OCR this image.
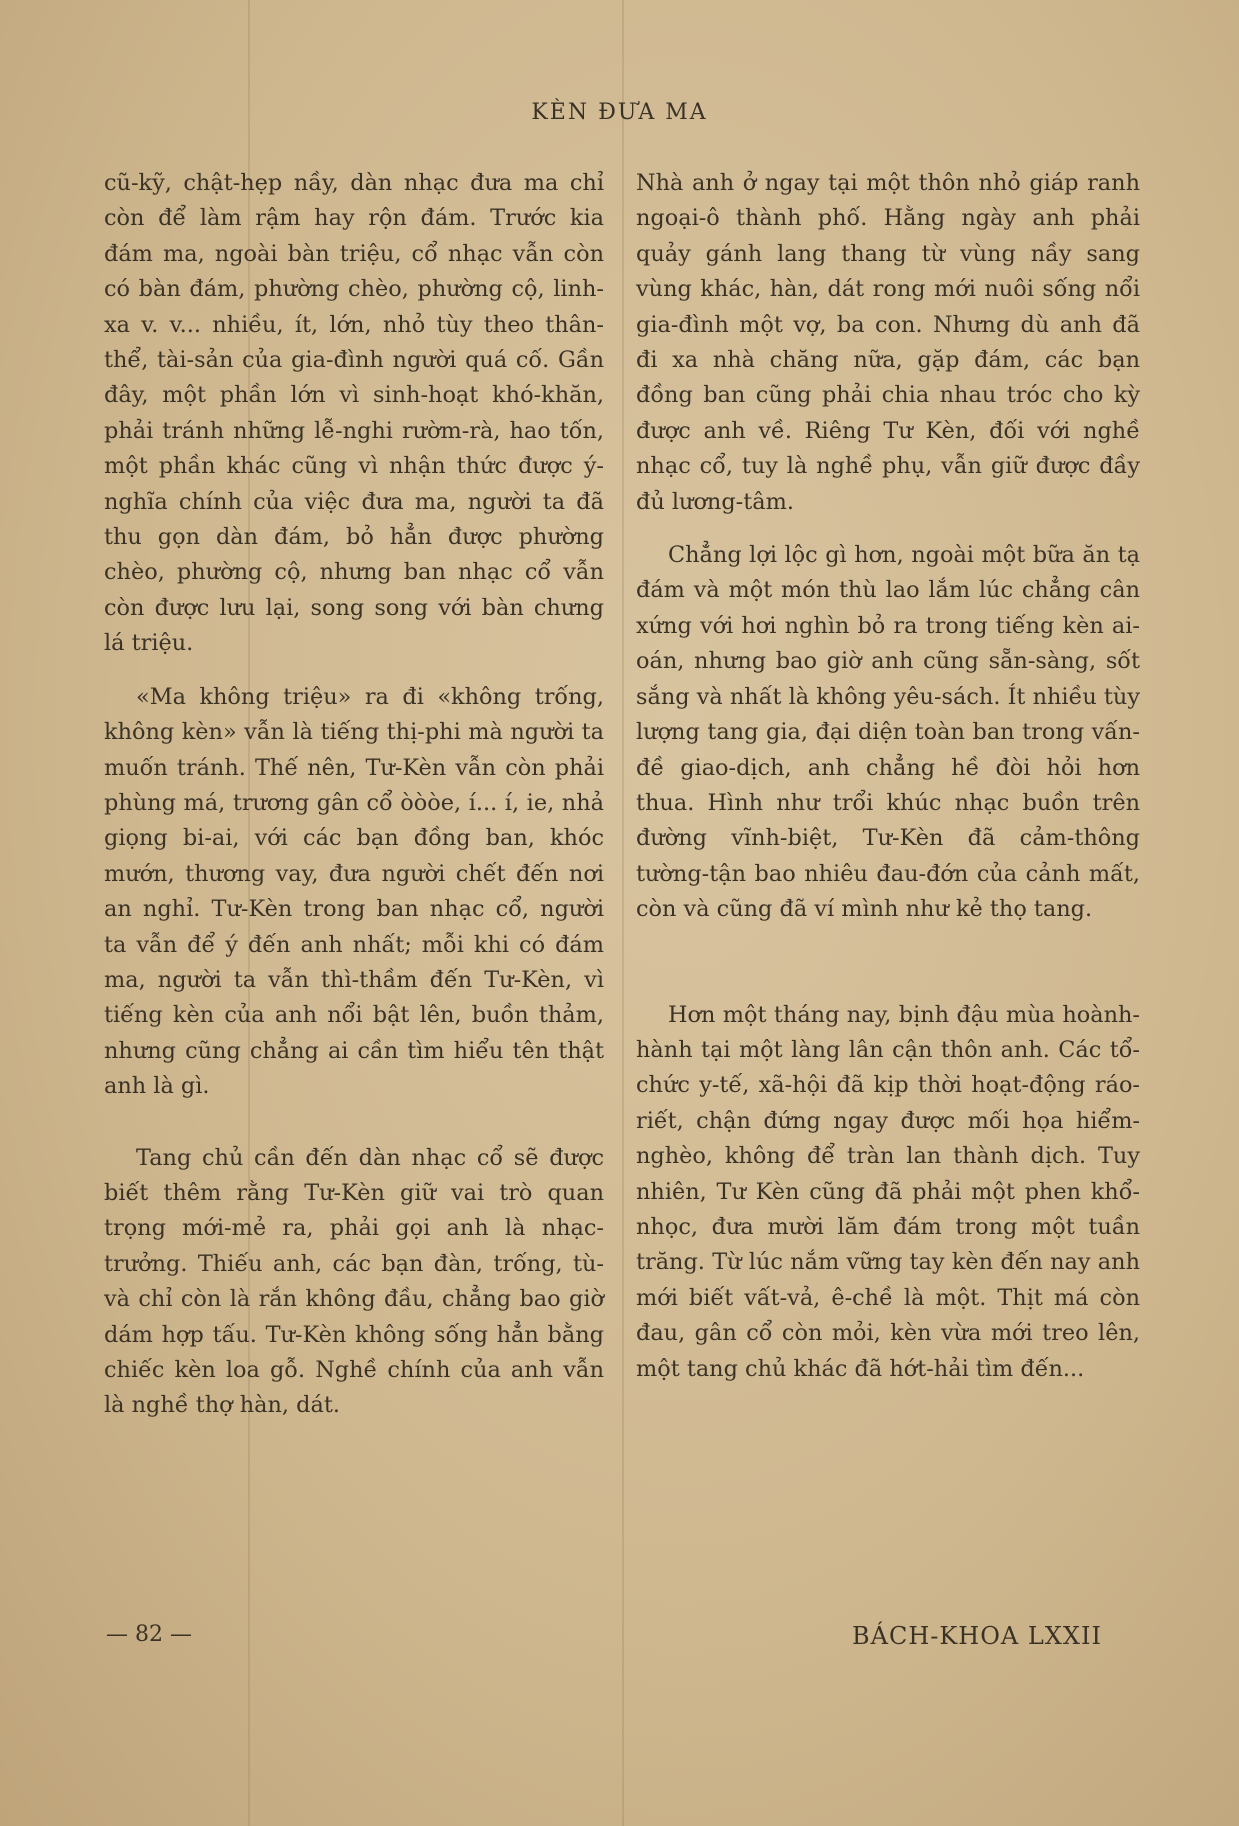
KÈN ĐƯA MA

cũ-kỹ, chật-hẹp nầy, dàn nhạc đưa ma chỉ còn để làm rậm hay rộn đám. Trước kia đám ma, ngoài bàn triệu, cổ nhạc vẫn còn có bàn đám, phường chèo, phường cộ, linh-xa v. v... nhiều, ít, lớn, nhỏ tùy theo thân-thể, tài-sản của gia-đình người quá cố. Gần đây, một phần lớn vì sinh-hoạt khó-khăn, phải tránh những lễ-nghi rườm-rà, hao tốn, một phần khác cũng vì nhận thức được ý-nghĩa chính của việc đưa ma, người ta đã thu gọn dàn đám, bỏ hẳn được phường chèo, phường cộ, nhưng ban nhạc cổ vẫn còn được lưu lại, song song với bàn chưng lá triệu.

«Ma không triệu» ra đi «không trống, không kèn» vẫn là tiếng thị-phi mà người ta muốn tránh. Thế nên, Tư-Kèn vẫn còn phải phùng má, trương gân cổ òòòe, í... í, ie, nhả giọng bi-ai, với các bạn đồng ban, khóc mướn, thương vay, đưa người chết đến nơi an nghỉ. Tư-Kèn trong ban nhạc cổ, người ta vẫn để ý đến anh nhất; mỗi khi có đám ma, người ta vẫn thì-thầm đến Tư-Kèn, vì tiếng kèn của anh nổi bật lên, buồn thảm, nhưng cũng chẳng ai cần tìm hiểu tên thật anh là gì.

Tang chủ cần đến dàn nhạc cổ sẽ được biết thêm rằng Tư-Kèn giữ vai trò quan trọng mới-mẻ ra, phải gọi anh là nhạc-trưởng. Thiếu anh, các bạn đàn, trống, tù-và chỉ còn là rắn không đầu, chẳng bao giờ dám hợp tấu. Tư-Kèn không sống hẳn bằng chiếc kèn loa gỗ. Nghề chính của anh vẫn là nghề thợ hàn, dát.

Nhà anh ở ngay tại một thôn nhỏ giáp ranh ngoại-ô thành phố. Hằng ngày anh phải quảy gánh lang thang từ vùng nầy sang vùng khác, hàn, dát rong mới nuôi sống nổi gia-đình một vợ, ba con. Nhưng dù anh đã đi xa nhà chăng nữa, gặp đám, các bạn đồng ban cũng phải chia nhau tróc cho kỳ được anh về. Riêng Tư Kèn, đối với nghề nhạc cổ, tuy là nghề phụ, vẫn giữ được đầy đủ lương-tâm.

Chẳng lợi lộc gì hơn, ngoài một bữa ăn tạ đám và một món thù lao lắm lúc chẳng cân xứng với hơi nghìn bỏ ra trong tiếng kèn ai-oán, nhưng bao giờ anh cũng sẵn-sàng, sốt sắng và nhất là không yêu-sách. Ít nhiều tùy lượng tang gia, đại diện toàn ban trong vấn-đề giao-dịch, anh chẳng hề đòi hỏi hơn thua. Hình như trổi khúc nhạc buồn trên đường vĩnh-biệt, Tư-Kèn đã cảm-thông tường-tận bao nhiêu đau-đớn của cảnh mất, còn và cũng đã ví mình như kẻ thọ tang.

Hơn một tháng nay, bịnh đậu mùa hoành-hành tại một làng lân cận thôn anh. Các tổ-chức y-tế, xã-hội đã kịp thời hoạt-động ráo-riết, chận đứng ngay được mối họa hiểm-nghèo, không để tràn lan thành dịch. Tuy nhiên, Tư Kèn cũng đã phải một phen khổ-nhọc, đưa mười lăm đám trong một tuần trăng. Từ lúc nắm vững tay kèn đến nay anh mới biết vất-vả, ê-chề là một. Thịt má còn đau, gân cổ còn mỏi, kèn vừa mới treo lên, một tang chủ khác đã hớt-hải tìm đến...

— 82 —	BÁCH-KHOA LXXII
